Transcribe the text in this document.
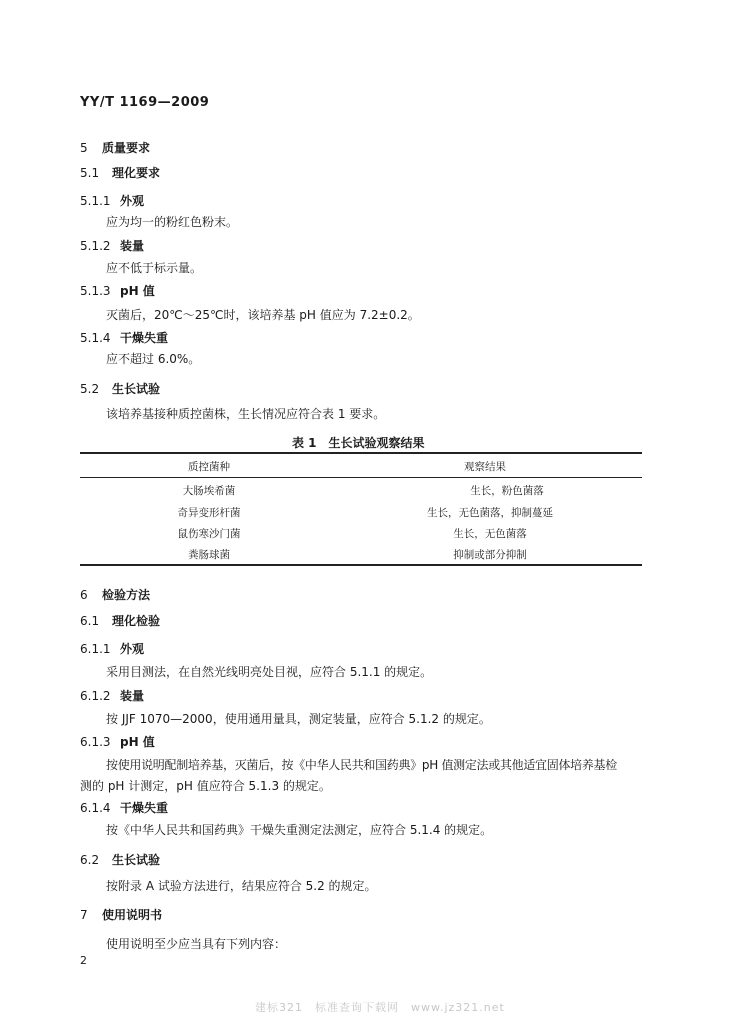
YY/T 1169—2009
5 质量要求
5.1 理化要求
5.1.1 外观
应为均一的粉红色粉末。
5.1.2 装量
应不低于标示量。
5.1.3 pH 值
灭菌后，20℃～25℃时，该培养基 pH 值应为 7.2±0.2。
5.1.4 干燥失重
应不超过 6.0%。
5.2 生长试验
该培养基接种质控菌株，生长情况应符合表 1 要求。
表 1　生长试验观察结果
质控菌种	观察结果
大肠埃希菌	生长，粉色菌落
奇异变形杆菌	生长，无色菌落，抑制蔓延
鼠伤寒沙门菌	生长，无色菌落
粪肠球菌	抑制或部分抑制
6 检验方法
6.1 理化检验
6.1.1 外观
采用目测法，在自然光线明亮处目视，应符合 5.1.1 的规定。
6.1.2 装量
按 JJF 1070—2000，使用通用量具，测定装量，应符合 5.1.2 的规定。
6.1.3 pH 值
按使用说明配制培养基，灭菌后，按《中华人民共和国药典》pH 值测定法或其他适宜固体培养基检
测的 pH 计测定，pH 值应符合 5.1.3 的规定。
6.1.4 干燥失重
按《中华人民共和国药典》干燥失重测定法测定，应符合 5.1.4 的规定。
6.2 生长试验
按附录 A 试验方法进行，结果应符合 5.2 的规定。
7 使用说明书
使用说明至少应当具有下列内容：
2
建标321　标准查询下载网　www.jz321.net
